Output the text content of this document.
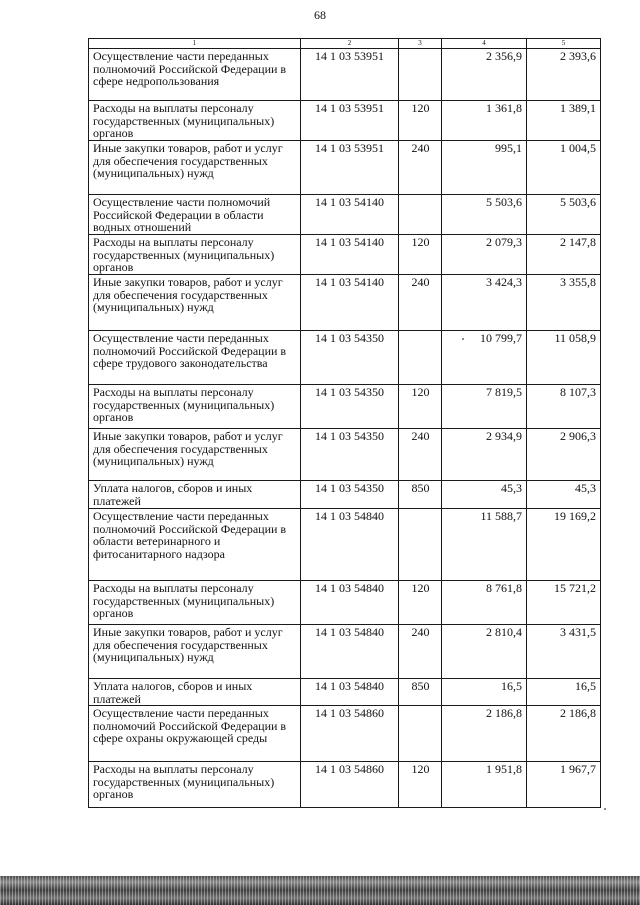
68
1	2	3	4	5
Осуществление части переданных полномочий Российской Федерации в сфере недропользования	14 1 03 53951		2 356,9	2 393,6
Расходы на выплаты персоналу государственных (муниципальных) органов	14 1 03 53951	120	1 361,8	1 389,1
Иные закупки товаров, работ и услуг для обеспечения государственных (муниципальных) нужд	14 1 03 53951	240	995,1	1 004,5
Осуществление части полномочий Российской Федерации в области водных отношений	14 1 03 54140		5 503,6	5 503,6
Расходы на выплаты персоналу государственных (муниципальных) органов	14 1 03 54140	120	2 079,3	2 147,8
Иные закупки товаров, работ и услуг для обеспечения государственных (муниципальных) нужд	14 1 03 54140	240	3 424,3	3 355,8
Осуществление части переданных полномочий Российской Федерации в сфере трудового законодательства	14 1 03 54350		10 799,7	11 058,9
Расходы на выплаты персоналу государственных (муниципальных) органов	14 1 03 54350	120	7 819,5	8 107,3
Иные закупки товаров, работ и услуг для обеспечения государственных (муниципальных) нужд	14 1 03 54350	240	2 934,9	2 906,3
Уплата налогов, сборов и иных платежей	14 1 03 54350	850	45,3	45,3
Осуществление части переданных полномочий Российской Федерации в области ветеринарного и фитосанитарного надзора	14 1 03 54840		11 588,7	19 169,2
Расходы на выплаты персоналу государственных (муниципальных) органов	14 1 03 54840	120	8 761,8	15 721,2
Иные закупки товаров, работ и услуг для обеспечения государственных (муниципальных) нужд	14 1 03 54840	240	2 810,4	3 431,5
Уплата налогов, сборов и иных платежей	14 1 03 54840	850	16,5	16,5
Осуществление части переданных полномочий Российской Федерации в сфере охраны окружающей среды	14 1 03 54860		2 186,8	2 186,8
Расходы на выплаты персоналу государственных (муниципальных) органов	14 1 03 54860	120	1 951,8	1 967,7
